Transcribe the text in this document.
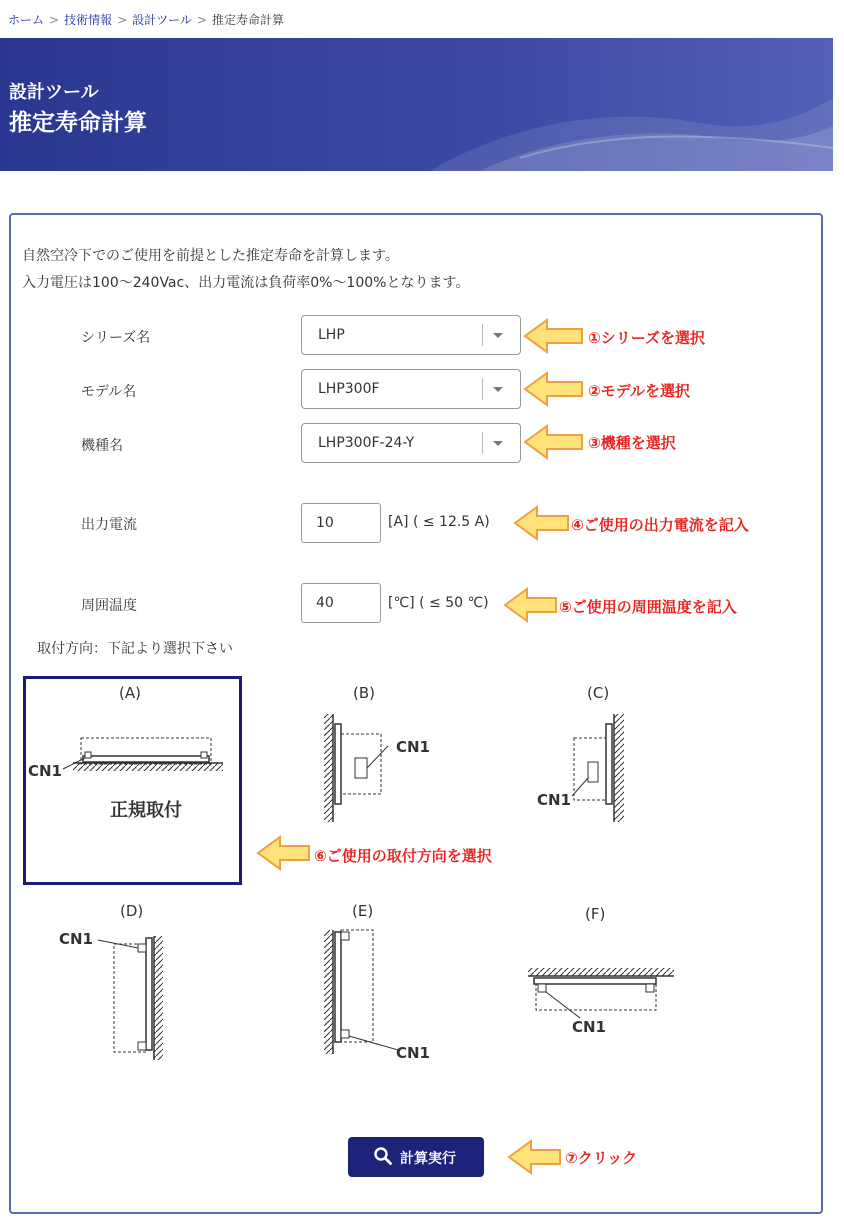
ホーム > 技術情報 > 設計ツール > 推定寿命計算
設計ツール
推定寿命計算
自然空冷下でのご使用を前提とした推定寿命を計算します。
入力電圧は100～240Vac、出力電流は負荷率0%～100%となります。
シリーズ名	LHP
モデル名	LHP300F
機種名	LHP300F-24-Y
出力電流	10	[A] ( ≤ 12.5 A)
周囲温度	40	[℃] ( ≤ 50 ℃)
①シリーズを選択
②モデルを選択
③機種を選択
④ご使用の出力電流を記入
⑤ご使用の周囲温度を記入
取付方向：下記より選択下さい
(A)
CN1
正規取付
(B)
CN1
(C)
CN1
(D)
CN1
(E)
CN1
(F)
CN1
⑥ご使用の取付方向を選択
計算実行	⑦クリック
